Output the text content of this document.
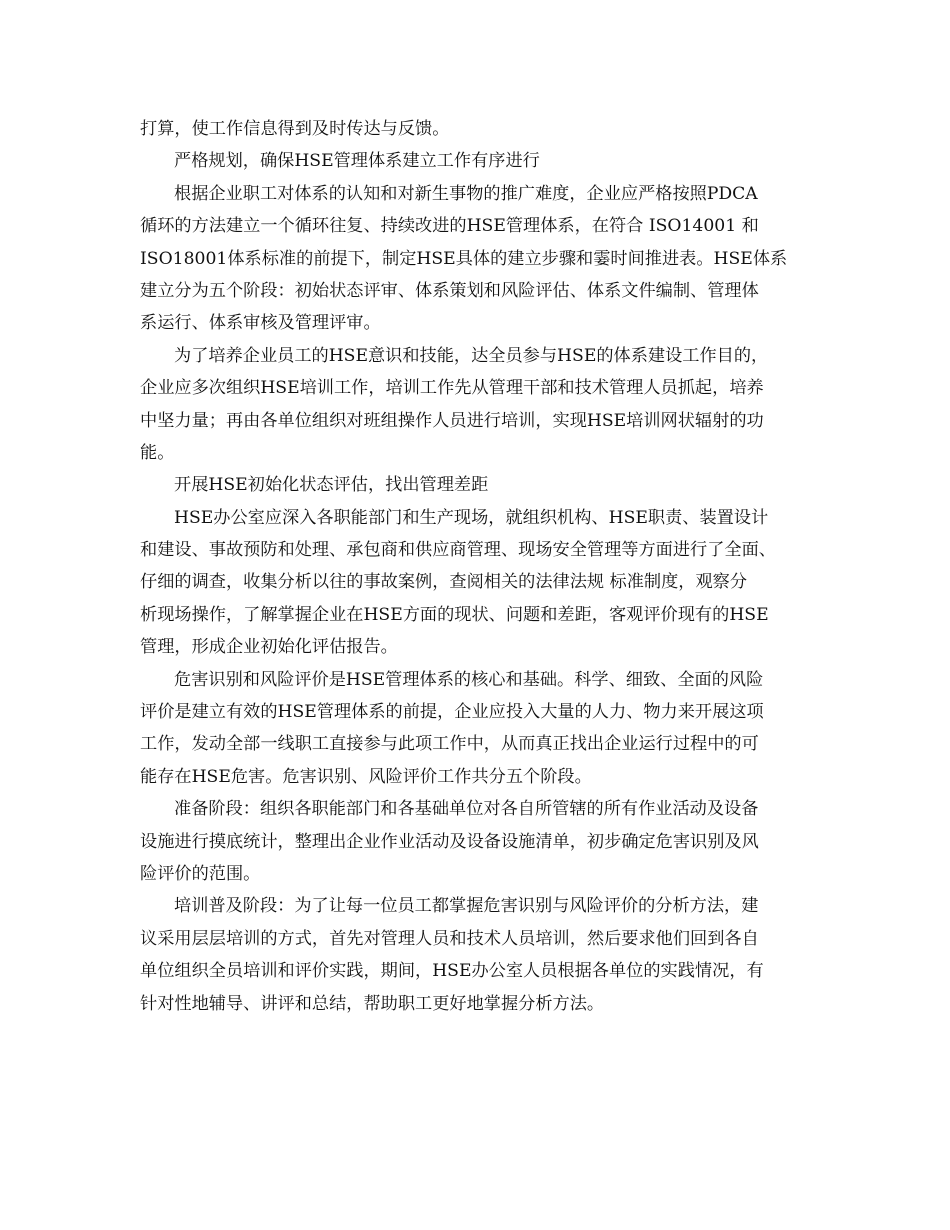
打算，使工作信息得到及时传达与反馈。
严格规划，确保HSE管理体系建立工作有序进行
根据企业职工对体系的认知和对新生事物的推广难度，企业应严格按照PDCA
循环的方法建立一个循环往复、持续改进的HSE管理体系，在符合 ISO14001 和
ISO18001体系标准的前提下，制定HSE具体的建立步骤和霎时间推进表。HSE体系
建立分为五个阶段：初始状态评审、体系策划和风险评估、体系文件编制、管理体
系运行、体系审核及管理评审。
为了培养企业员工的HSE意识和技能，达全员参与HSE的体系建设工作目的，
企业应多次组织HSE培训工作，培训工作先从管理干部和技术管理人员抓起，培养
中坚力量；再由各单位组织对班组操作人员进行培训，实现HSE培训网状辐射的功
能。
开展HSE初始化状态评估，找出管理差距
HSE办公室应深入各职能部门和生产现场，就组织机构、HSE职责、装置设计
和建设、事故预防和处理、承包商和供应商管理、现场安全管理等方面进行了全面、
仔细的调查，收集分析以往的事故案例，查阅相关的法律法规 标准制度，观察分
析现场操作，了解掌握企业在HSE方面的现状、问题和差距，客观评价现有的HSE
管理，形成企业初始化评估报告。
危害识别和风险评价是HSE管理体系的核心和基础。科学、细致、全面的风险
评价是建立有效的HSE管理体系的前提，企业应投入大量的人力、物力来开展这项
工作，发动全部一线职工直接参与此项工作中，从而真正找出企业运行过程中的可
能存在HSE危害。危害识别、风险评价工作共分五个阶段。
准备阶段：组织各职能部门和各基础单位对各自所管辖的所有作业活动及设备
设施进行摸底统计，整理出企业作业活动及设备设施清单，初步确定危害识别及风
险评价的范围。
培训普及阶段：为了让每一位员工都掌握危害识别与风险评价的分析方法，建
议采用层层培训的方式，首先对管理人员和技术人员培训，然后要求他们回到各自
单位组织全员培训和评价实践，期间，HSE办公室人员根据各单位的实践情况，有
针对性地辅导、讲评和总结，帮助职工更好地掌握分析方法。
